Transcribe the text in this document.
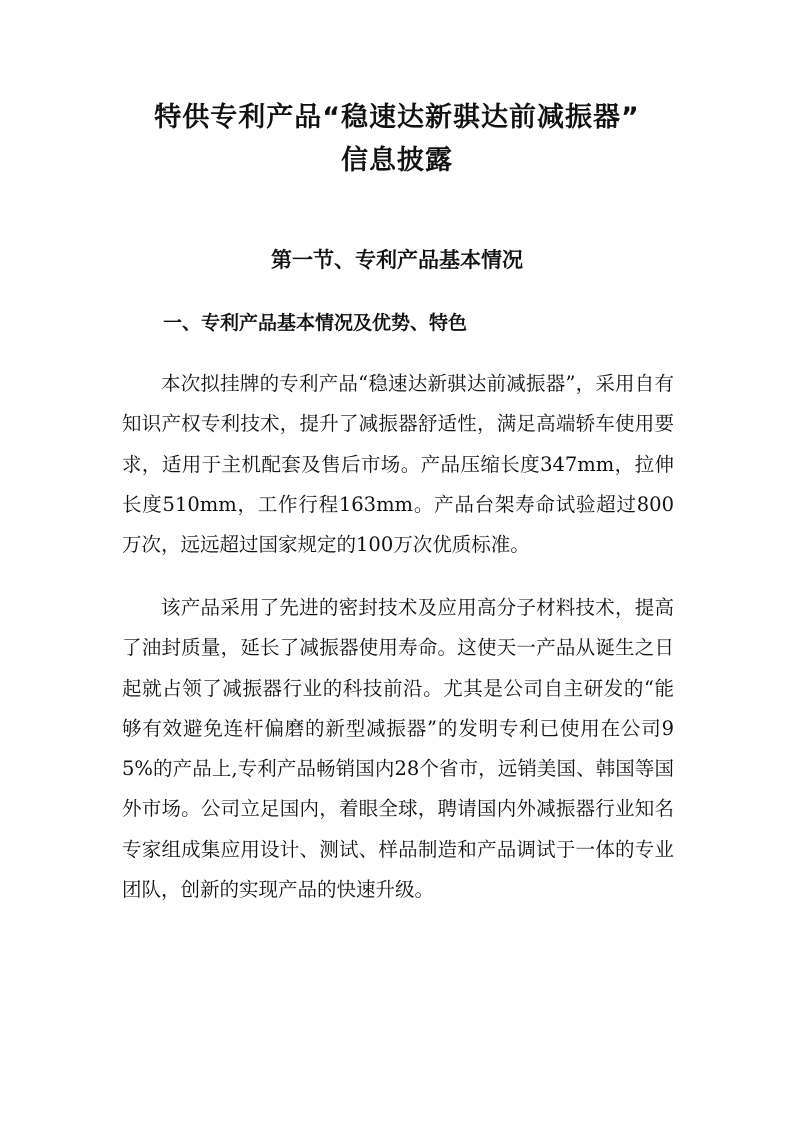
特供专利产品“稳速达新骐达前减振器”
信息披露
第一节、专利产品基本情况
一、专利产品基本情况及优势、特色

本次拟挂牌的专利产品“稳速达新骐达前减振器”，采用自有知识产权专利技术，提升了减振器舒适性，满足高端轿车使用要求，适用于主机配套及售后市场。产品压缩长度347mm，拉伸长度510mm，工作行程163mm。产品台架寿命试验超过800万次，远远超过国家规定的100万次优质标准。

该产品采用了先进的密封技术及应用高分子材料技术，提高了油封质量，延长了减振器使用寿命。这使天一产品从诞生之日起就占领了减振器行业的科技前沿。尤其是公司自主研发的“能够有效避免连杆偏磨的新型减振器”的发明专利已使用在公司95%的产品上,专利产品畅销国内28个省市，远销美国、韩国等国外市场。公司立足国内，着眼全球，聘请国内外减振器行业知名专家组成集应用设计、测试、样品制造和产品调试于一体的专业团队，创新的实现产品的快速升级。
